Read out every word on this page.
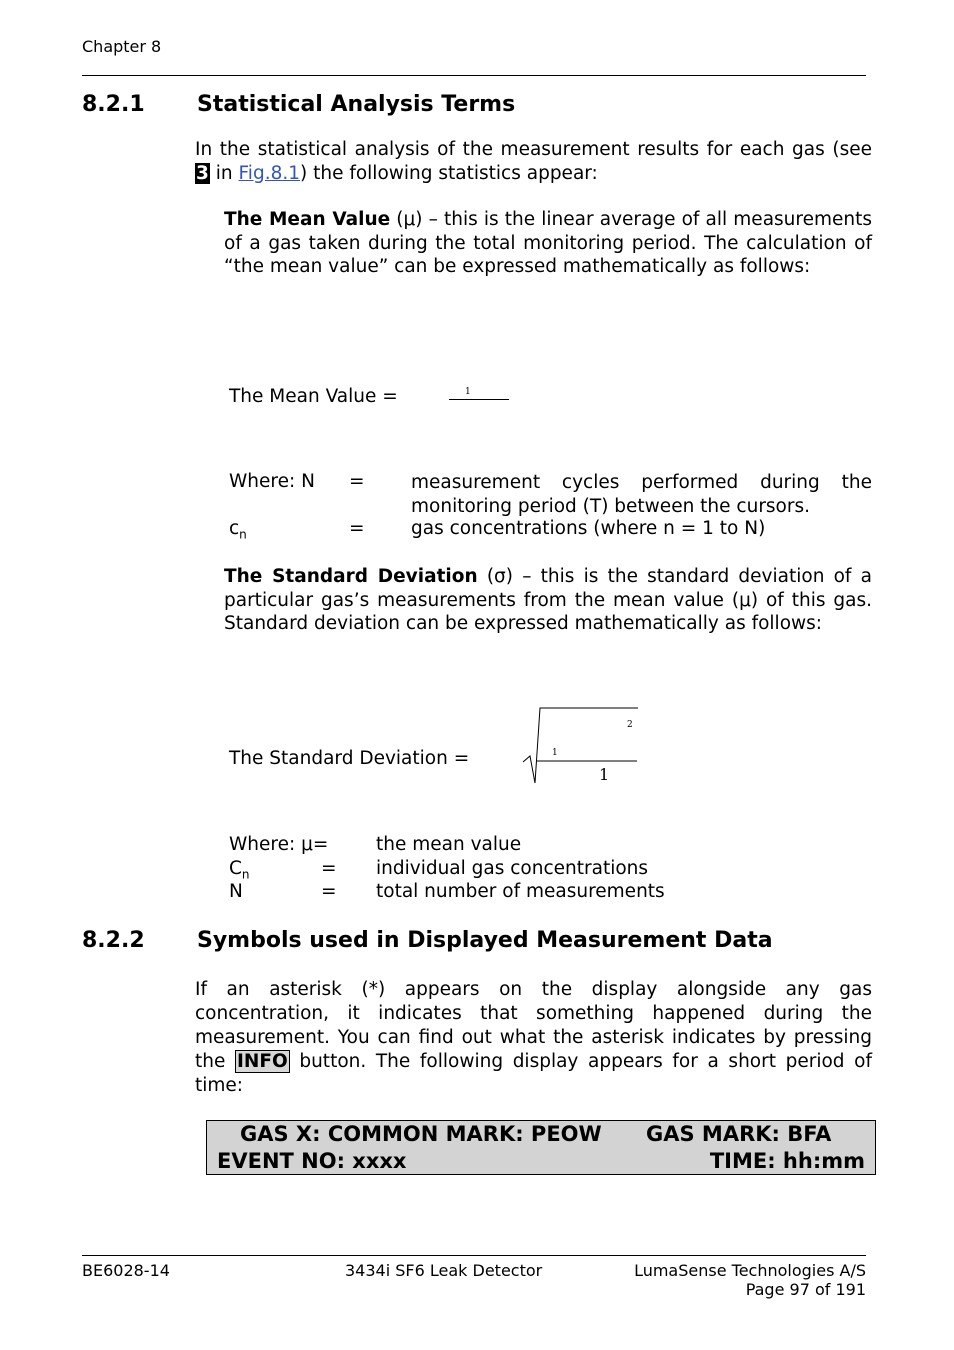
Chapter 8
8.2.1 Statistical Analysis Terms

In the statistical analysis of the measurement results for each gas (see 3 in Fig.8.1) the following statistics appear:

The Mean Value (μ) – this is the linear average of all measurements of a gas taken during the total monitoring period. The calculation of “the mean value” can be expressed mathematically as follows:

The Mean Value =	1
Where: N =	measurement cycles performed during the monitoring period (T) between the cursors.

$c_n$	=	gas concentrations (where n = 1 to N)

The Standard Deviation (σ) – this is the standard deviation of a particular gas’s measurements from the mean value (μ) of this gas. Standard deviation can be expressed mathematically as follows:

The Standard Deviation =
2
1
1
Where: μ=	the mean value
$C_n$	= individual gas concentrations
N	= total number of measurements
8.2.2 Symbols used in Displayed Measurement Data

If an asterisk (*) appears on the display alongside any gas concentration, it indicates that something happened during the measurement. You can find out what the asterisk indicates by pressing the INFO button. The following display appears for a short period of time:

GAS X: COMMON MARK: PEOW GAS MARK: BFA
EVENT NO: xxxx	TIME: hh:mm
BE6028-14	3434i SF6 Leak Detector	LumaSense Technologies A/S
Page 97 of 191
